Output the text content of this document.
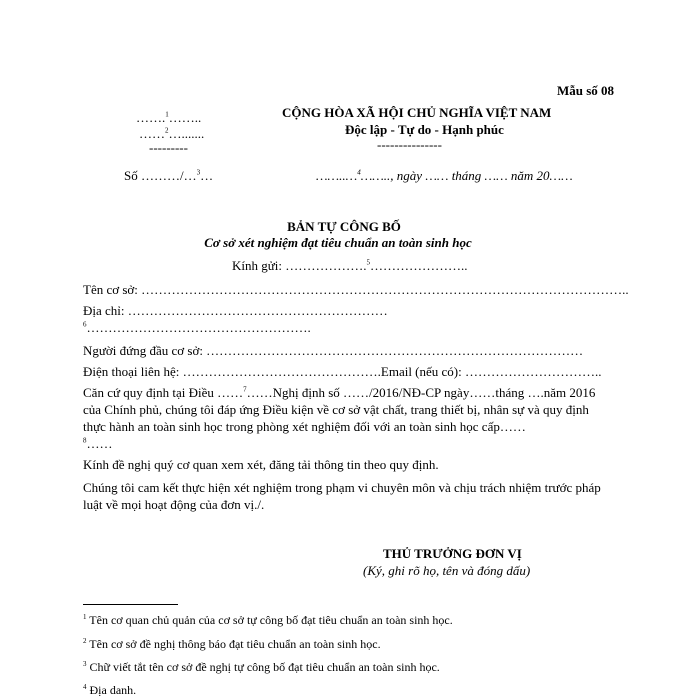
Mẫu số 08
…….$^1$……..
……$^2$….......
---------
Số ………/…$^3$…
CỘNG HÒA XÃ HỘI CHỦ NGHĨA VIỆT NAM
Độc lập - Tự do - Hạnh phúc
---------------
……..…$^4$…….., ngày …… tháng …… năm 20……
BẢN TỰ CÔNG BỐ
Cơ sở xét nghiệm đạt tiêu chuẩn an toàn sinh học
Kính gửi: ……………….$^5$…………………..
Tên cơ sở: …………………………………………………………………………………………………..
Địa chỉ: ……………………………………………………
$^6$…………………………………………….
Người đứng đầu cơ sở: ……………………………………………………………………………
Điện thoại liên hệ: ……………………………………….Email (nếu có): …………………………..
Căn cứ quy định tại Điều ……$^7$……Nghị định số ……/2016/NĐ-CP ngày……tháng ….năm 2016 của Chính phủ, chúng tôi đáp ứng Điều kiện về cơ sở vật chất, trang thiết bị, nhân sự và quy định thực hành an toàn sinh học trong phòng xét nghiệm đối với an toàn sinh học cấp……
$^8$……
Kính đề nghị quý cơ quan xem xét, đăng tải thông tin theo quy định.
Chúng tôi cam kết thực hiện xét nghiệm trong phạm vi chuyên môn và chịu trách nhiệm trước pháp luật về mọi hoạt động của đơn vị./.
THỦ TRƯỞNG ĐƠN VỊ
(Ký, ghi rõ họ, tên và đóng dấu)
$^1$ Tên cơ quan chủ quản của cơ sở tự công bố đạt tiêu chuẩn an toàn sinh học.
$^2$ Tên cơ sở đề nghị thông báo đạt tiêu chuẩn an toàn sinh học.
$^3$ Chữ viết tắt tên cơ sở đề nghị tự công bố đạt tiêu chuẩn an toàn sinh học.
$^4$ Địa danh.
